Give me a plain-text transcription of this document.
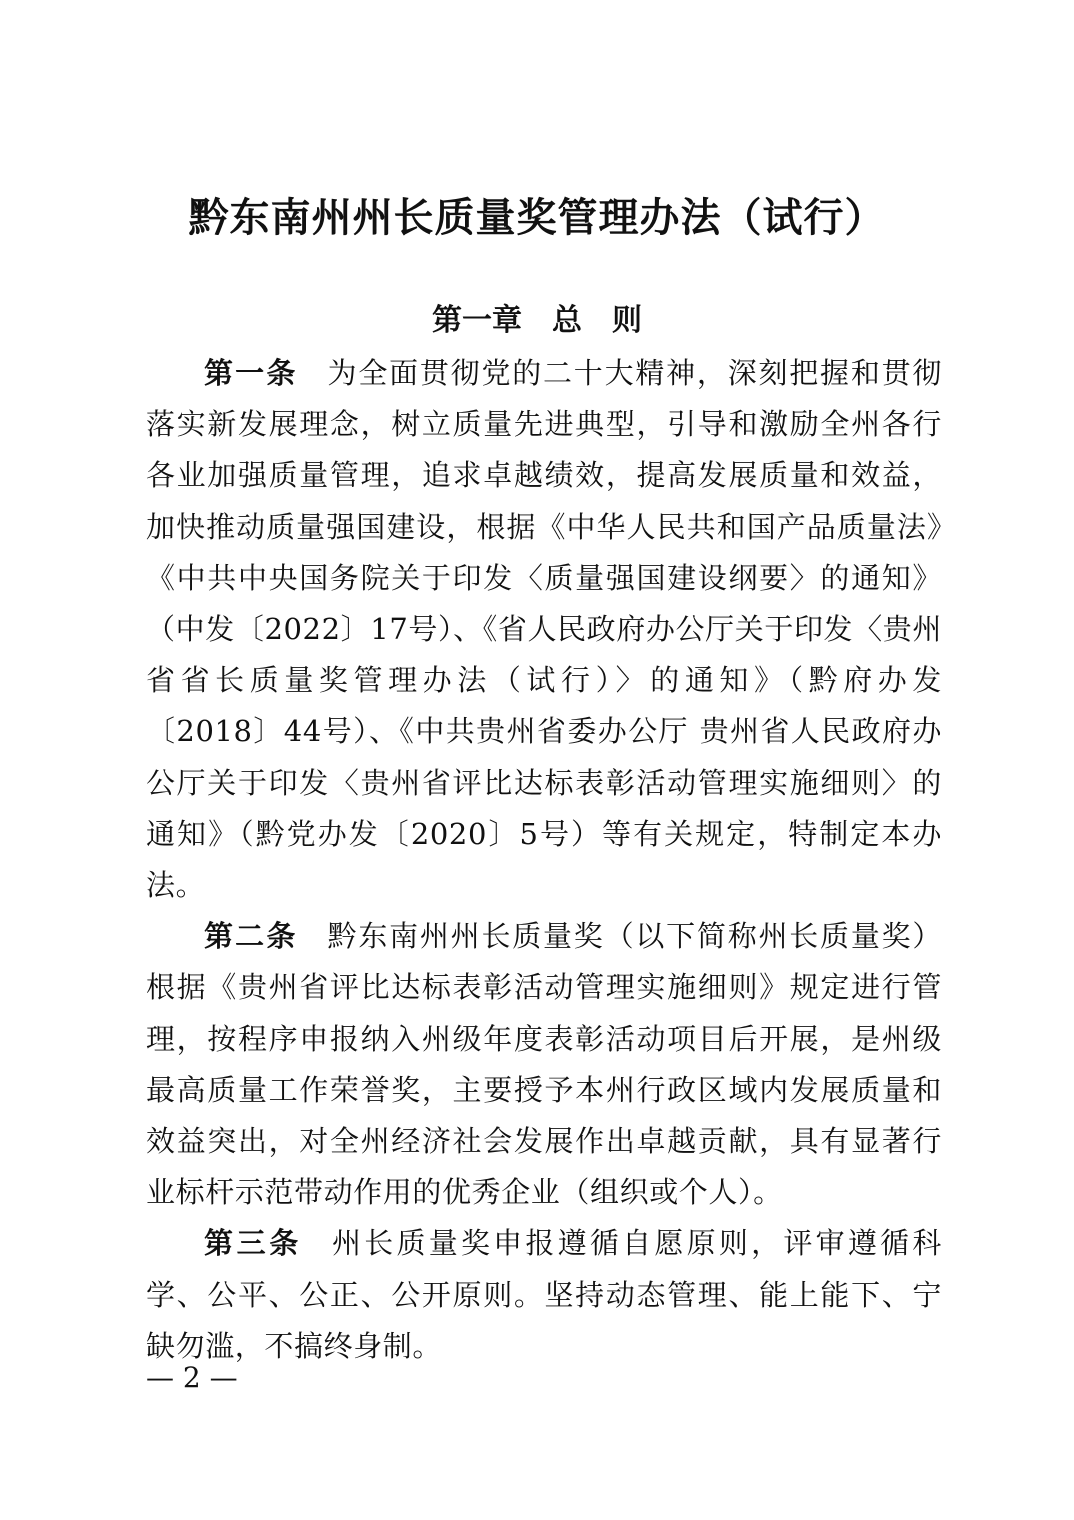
黔东南州州长质量奖管理办法（试行）
第一章　总　则

第一条 为全面贯彻党的二十大精神，深刻把握和贯彻落实新发展理念，树立质量先进典型，引导和激励全州各行各业加强质量管理，追求卓越绩效，提高发展质量和效益，加快推动质量强国建设，根据《中华人民共和国产品质量法》《中共中央国务院关于印发〈质量强国建设纲要〉的通知》（中发〔2022〕17号）、《省人民政府办公厅关于印发〈贵州省省长质量奖管理办法（试行）〉的通知》（黔府办发〔2018〕44号）、《中共贵州省委办公厅 贵州省人民政府办公厅关于印发〈贵州省评比达标表彰活动管理实施细则〉的通知》（黔党办发〔2020〕5号）等有关规定，特制定本办法。

第二条 黔东南州州长质量奖（以下简称州长质量奖）根据《贵州省评比达标表彰活动管理实施细则》规定进行管理，按程序申报纳入州级年度表彰活动项目后开展，是州级最高质量工作荣誉奖，主要授予本州行政区域内发展质量和效益突出，对全州经济社会发展作出卓越贡献，具有显著行业标杆示范带动作用的优秀企业（组织或个人）。

第三条 州长质量奖申报遵循自愿原则，评审遵循科学、公平、公正、公开原则。坚持动态管理、能上能下、宁缺勿滥，不搞终身制。

— 2 —
